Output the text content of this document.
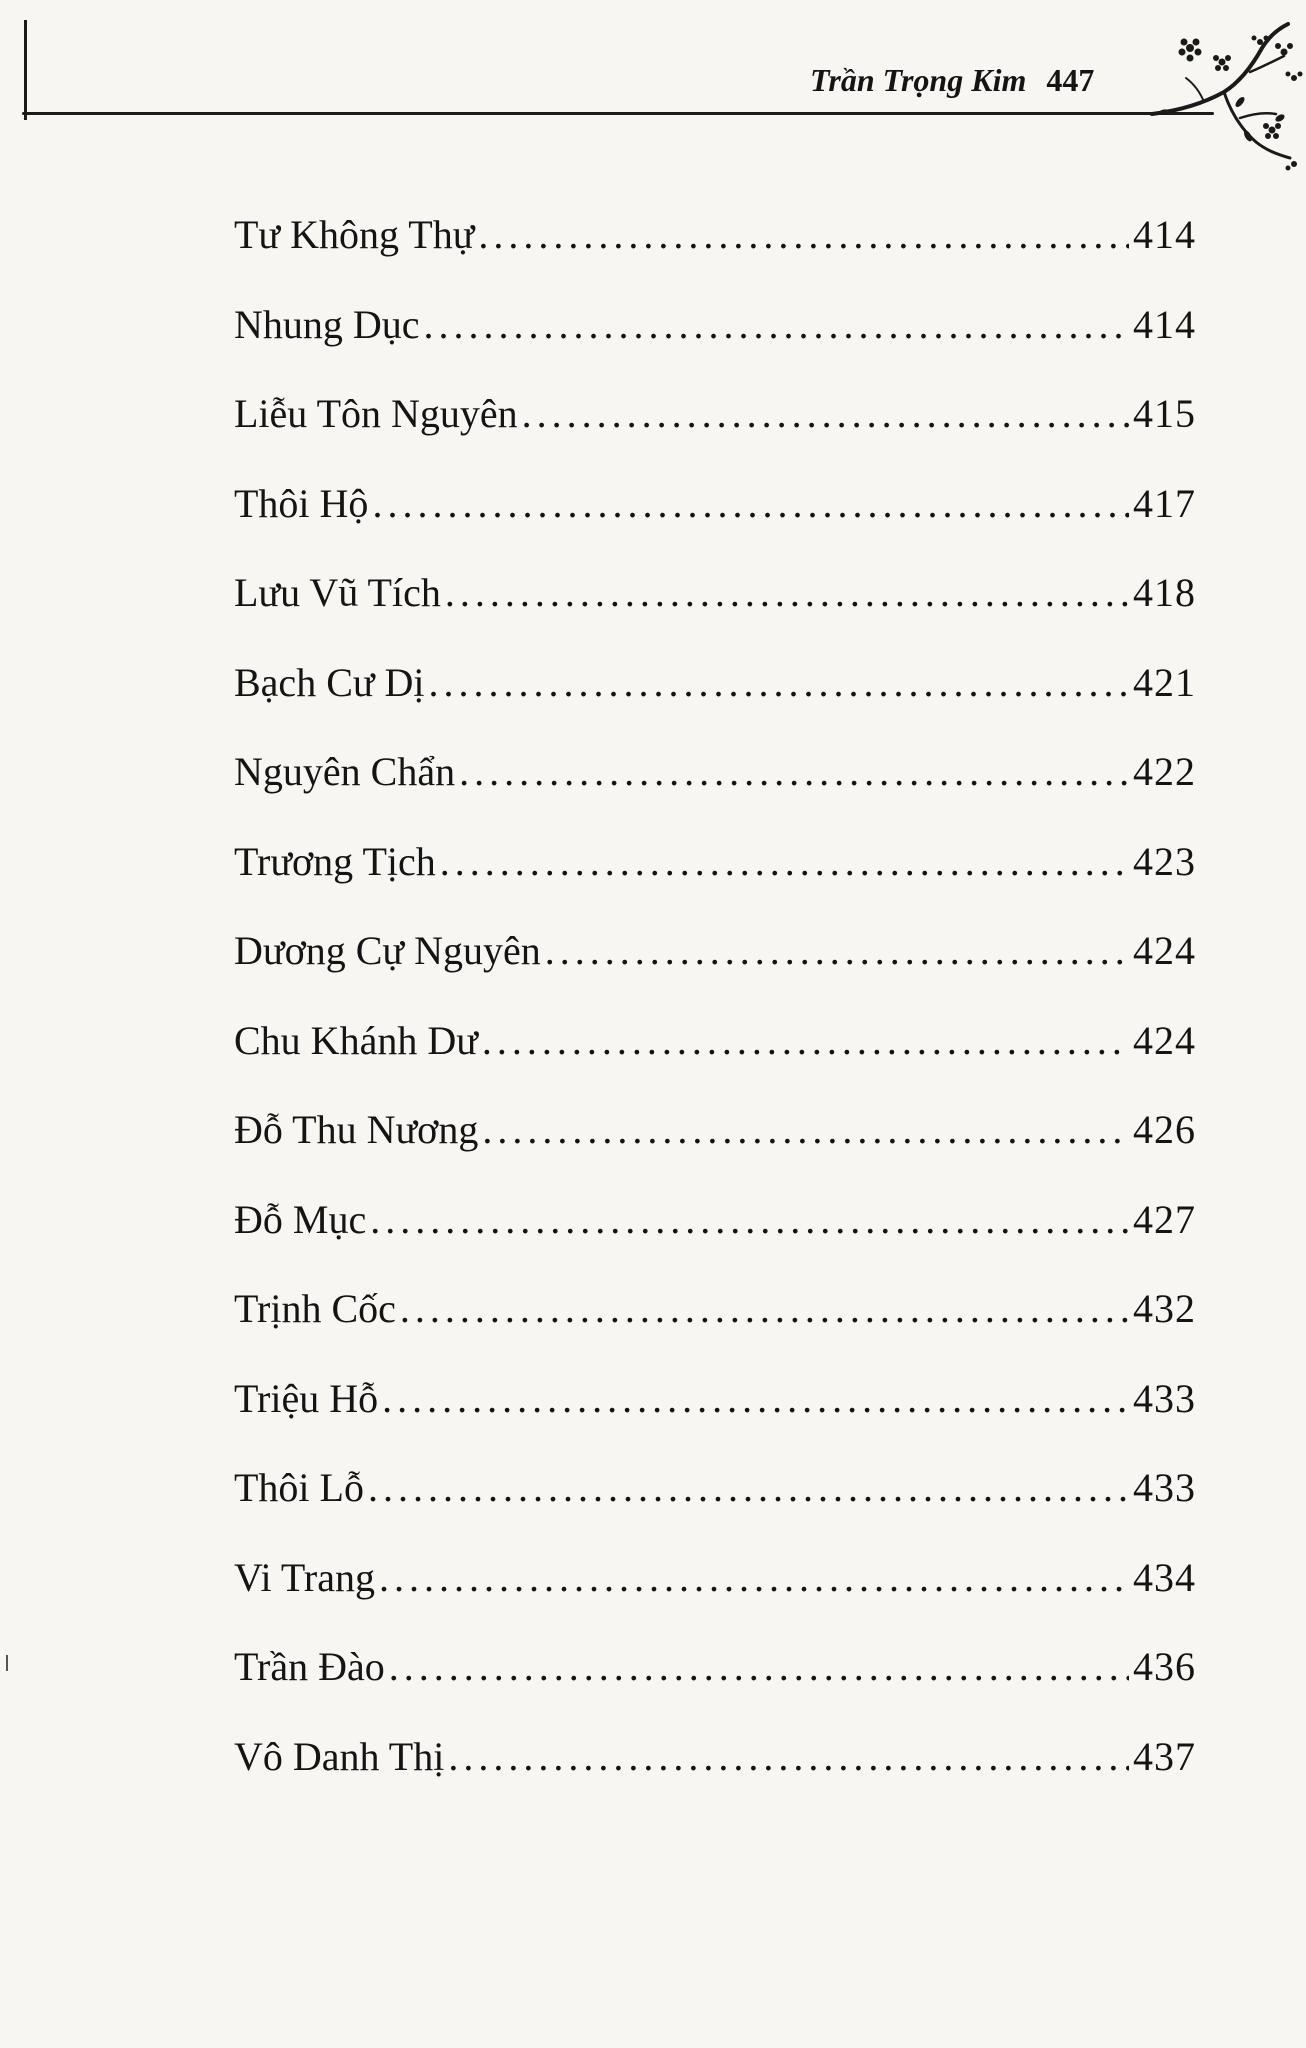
Trần Trọng Kim 447
Tư Không Thự .....	414
Nhung Dục .....	414
Liễu Tôn Nguyên .....	415
Thôi Hộ .....	417
Lưu Vũ Tích .....	418
Bạch Cư Dị .....	421
Nguyên Chẩn .....	422
Trương Tịch .....	423
Dương Cự Nguyên .....	424
Chu Khánh Dư .....	424
Đỗ Thu Nương .....	426
Đỗ Mục .....	427
Trịnh Cốc .....	432
Triệu Hỗ .....	433
Thôi Lỗ .....	433
Vi Trang .....	434
Trần Đào .....	436
Vô Danh Thị .....	437
